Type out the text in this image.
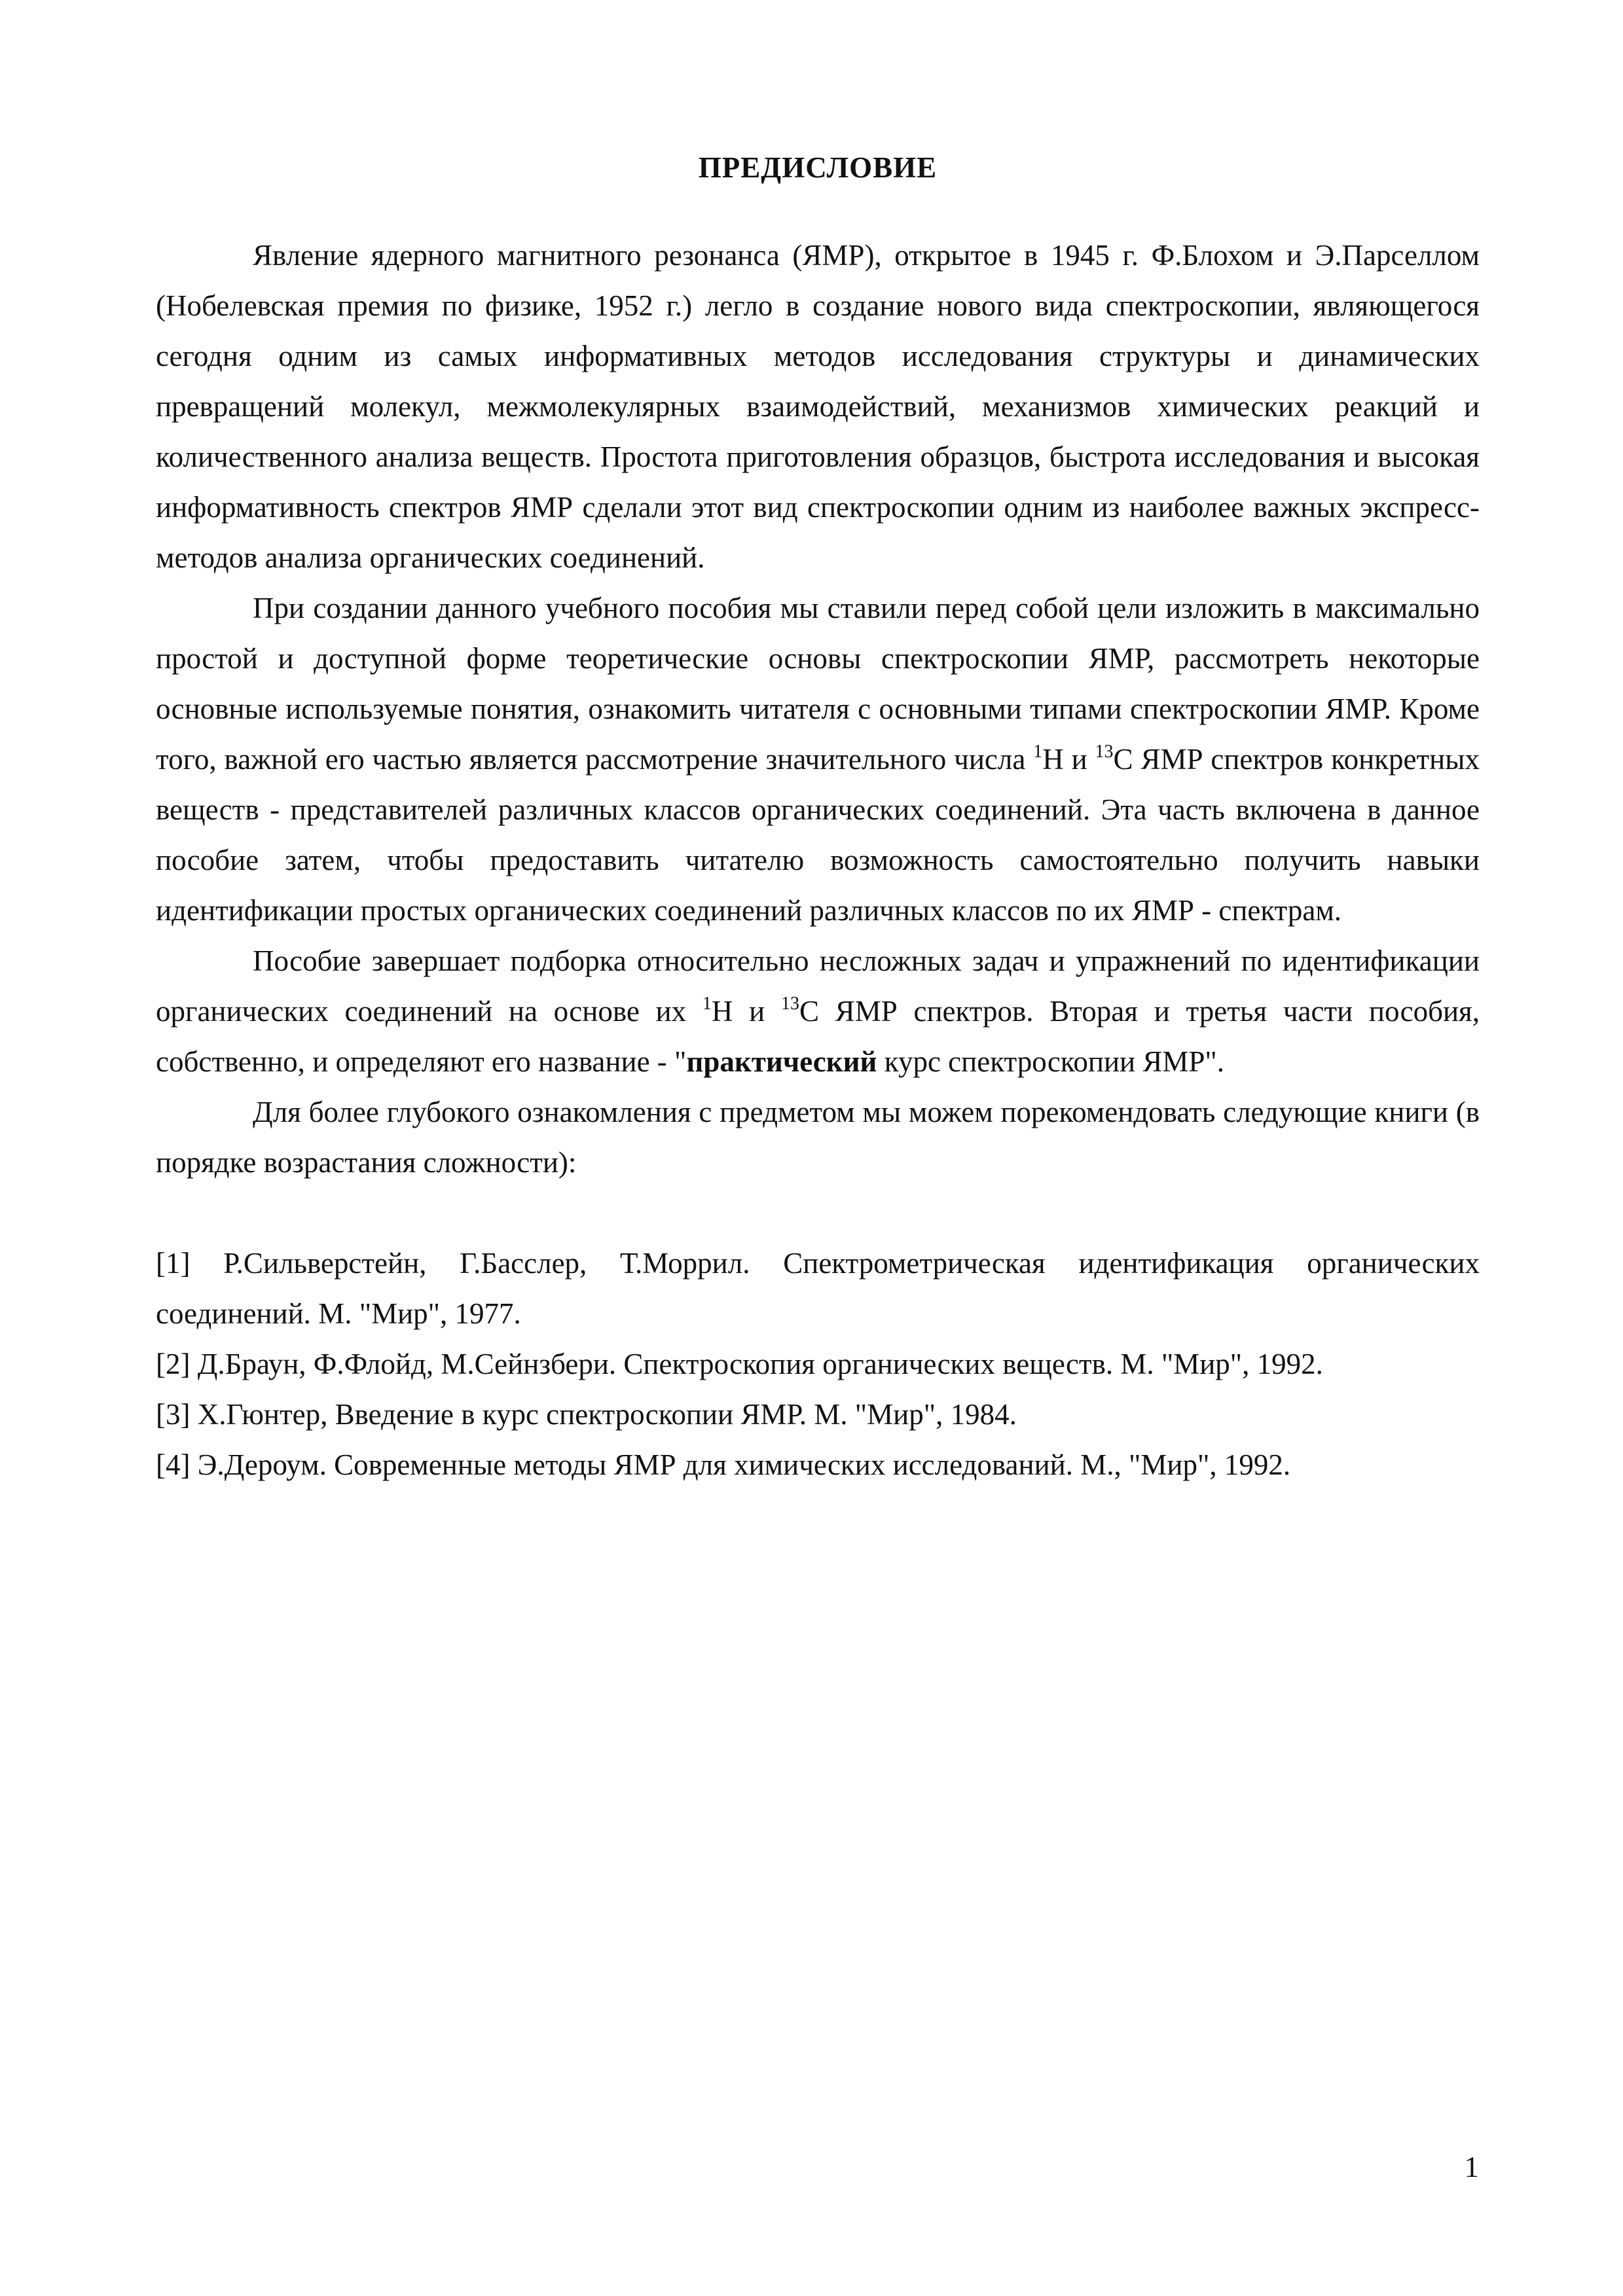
ПРЕДИСЛОВИЕ

Явление ядерного магнитного резонанса (ЯМР), открытое в 1945 г. Ф.Блохом и Э.Парселлом (Нобелевская премия по физике, 1952 г.) легло в создание нового вида спектроскопии, являющегося сегодня одним из самых информативных методов исследования структуры и динамических превращений молекул, межмолекулярных взаимодействий, механизмов химических реакций и количественного анализа веществ. Простота приготовления образцов, быстрота исследования и высокая информативность спектров ЯМР сделали этот вид спектроскопии одним из наиболее важных экспресс-методов анализа органических соединений.

При создании данного учебного пособия мы ставили перед собой цели изложить в максимально простой и доступной форме теоретические основы спектроскопии ЯМР, рассмотреть некоторые основные используемые понятия, ознакомить читателя с основными типами спектроскопии ЯМР. Кроме того, важной его частью является рассмотрение значительного числа $^1$H и $^{13}$C ЯМР спектров конкретных веществ - представителей различных классов органических соединений. Эта часть включена в данное пособие затем, чтобы предоставить читателю возможность самостоятельно получить навыки идентификации простых органических соединений различных классов по их ЯМР - спектрам.

Пособие завершает подборка относительно несложных задач и упражнений по идентификации органических соединений на основе их $^1$H и $^{13}$C ЯМР спектров. Вторая и третья части пособия, собственно, и определяют его название - "практический курс спектроскопии ЯМР".

Для более глубокого ознакомления с предметом мы можем порекомендовать следующие книги (в порядке возрастания сложности):

[1] Р.Сильверстейн, Г.Басслер, Т.Моррил. Спектрометрическая идентификация органических соединений. М. "Мир", 1977.

[2] Д.Браун, Ф.Флойд, М.Сейнзбери. Спектроскопия органических веществ. М. "Мир", 1992.

[3] Х.Гюнтер, Введение в курс спектроскопии ЯМР. М. "Мир", 1984.

[4] Э.Дероум. Современные методы ЯМР для химических исследований. М., "Мир", 1992.

1
